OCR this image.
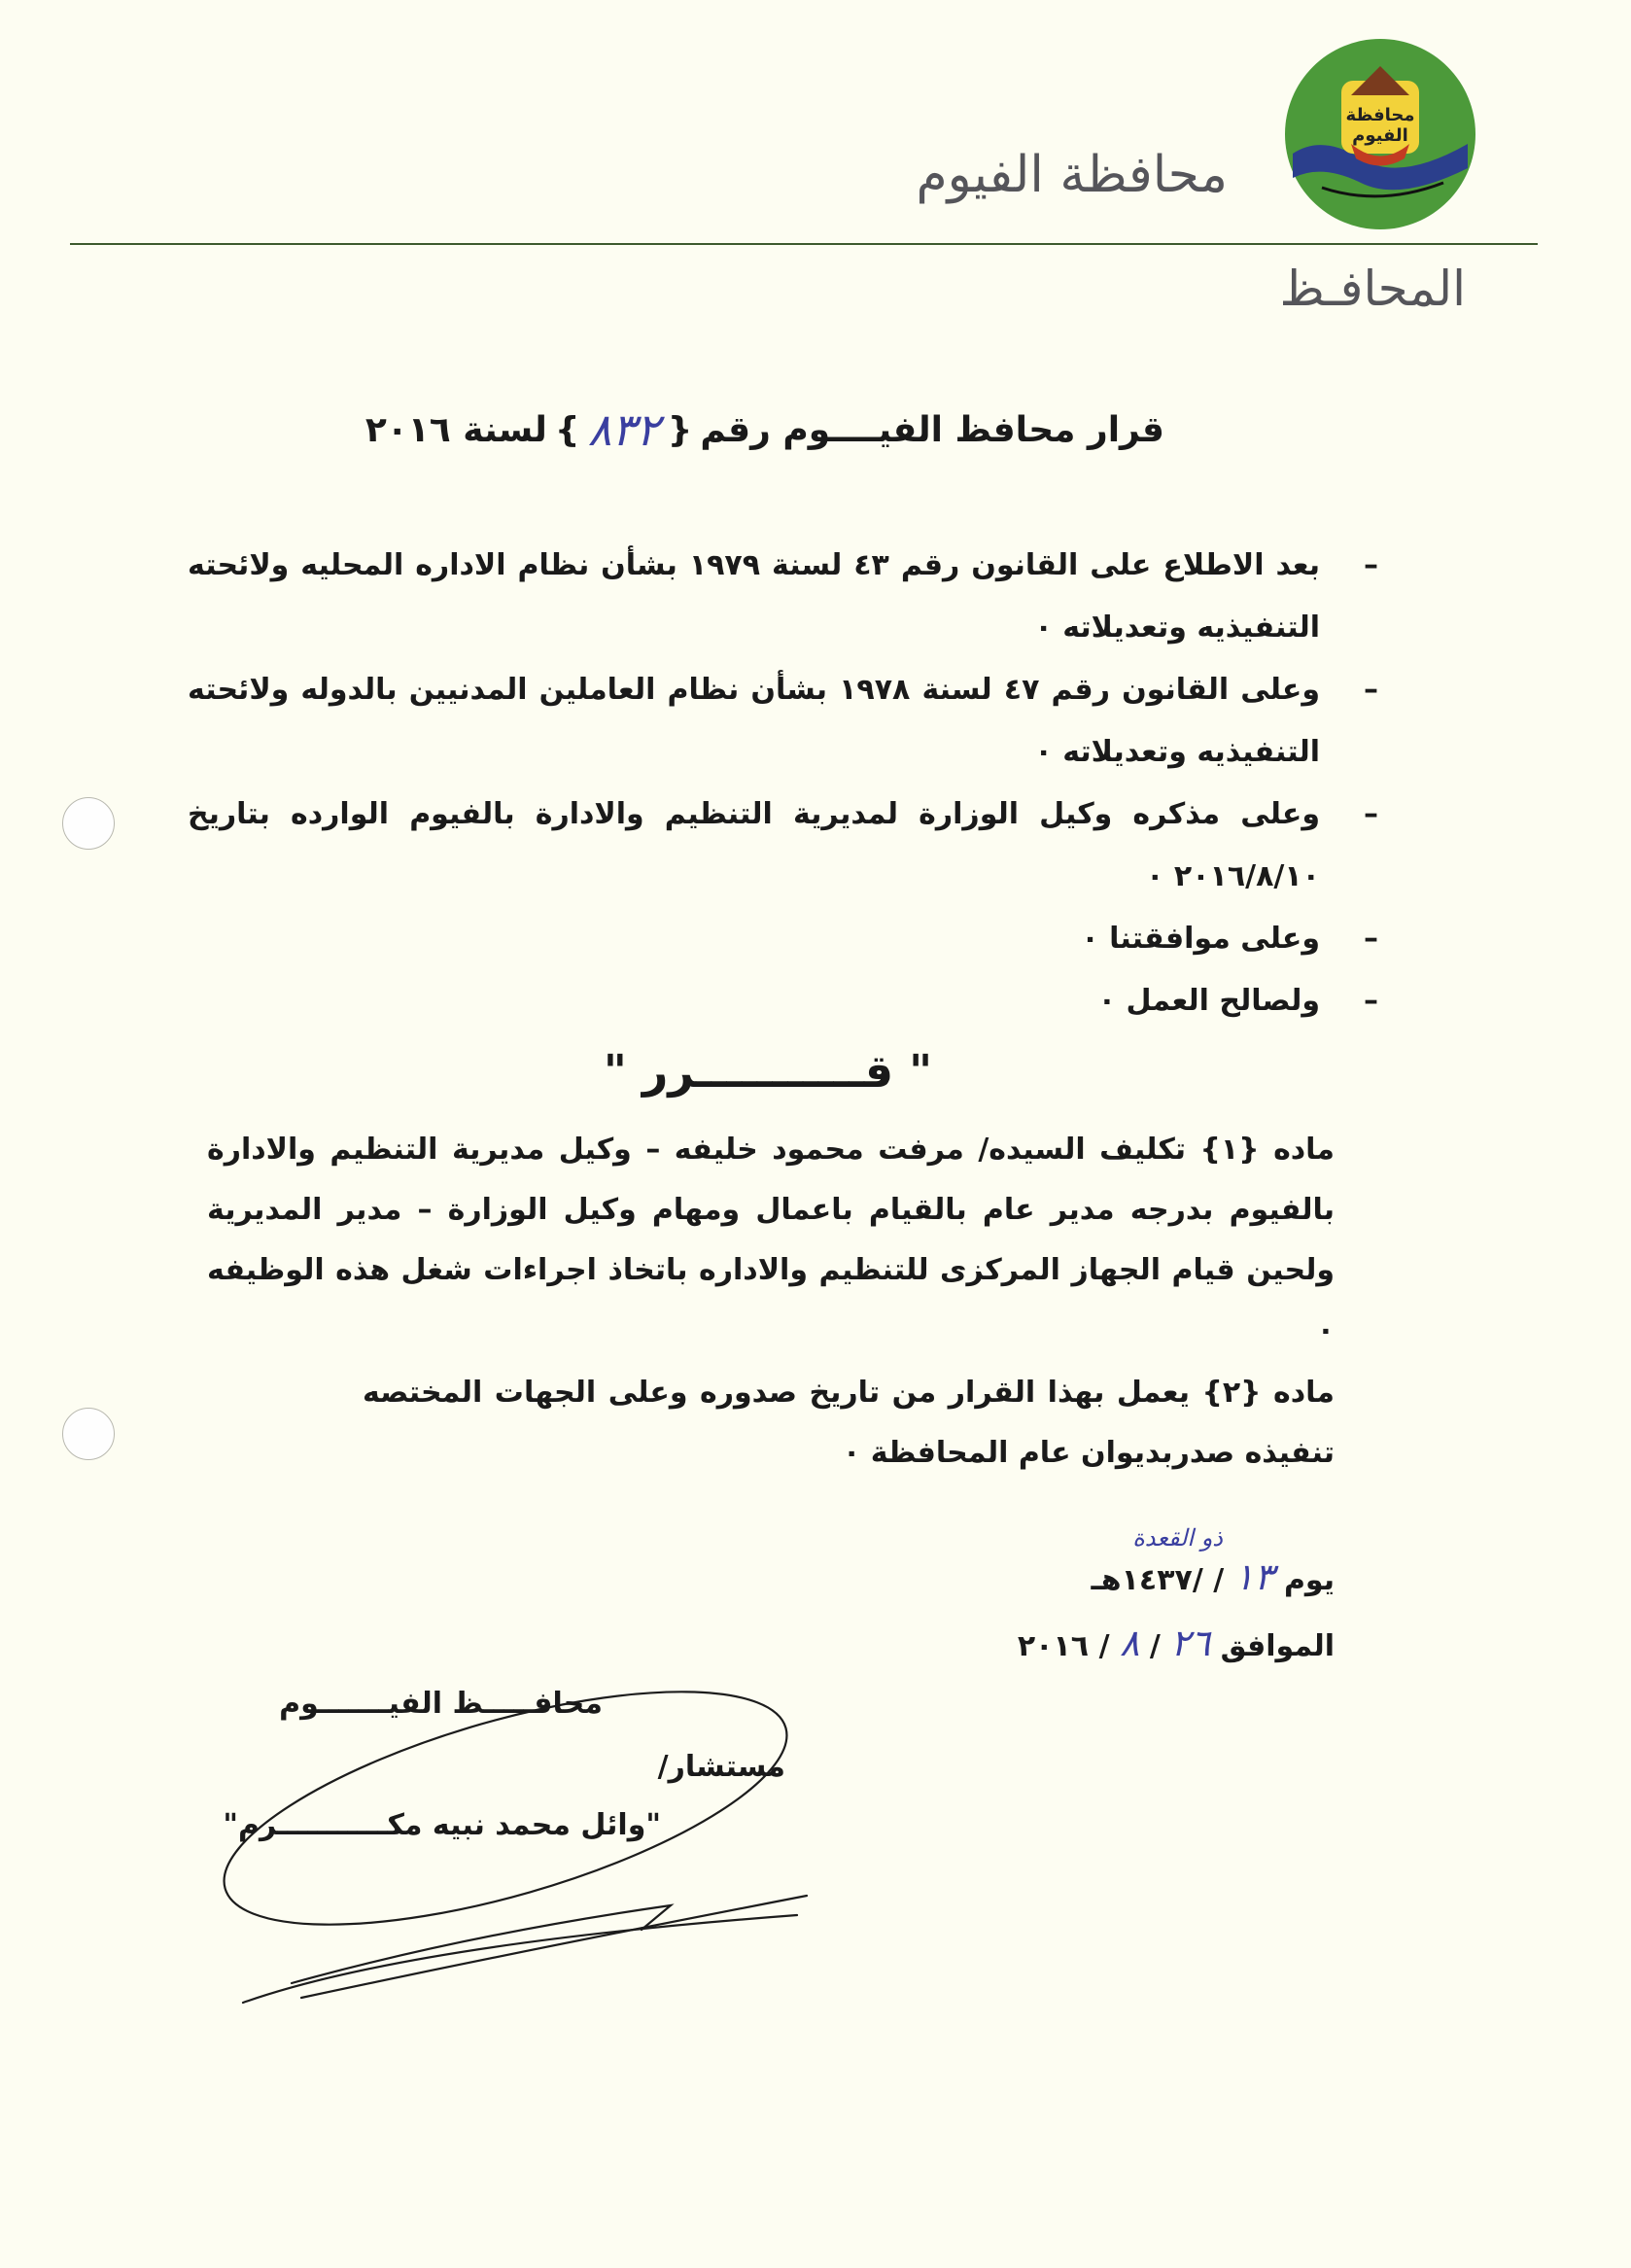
محافظة الفيوم
محافظة الفيوم
المحافـظ
قرار محافظ الفيــــوم رقم
{
٨٣٢
}
لسنة ٢٠١٦
–
بعد الاطلاع على القانون رقم ٤٣ لسنة ١٩٧٩ بشأن نظام الاداره المحليه ولائحته التنفيذيه وتعديلاته ٠
–
وعلى القانون رقم ٤٧ لسنة ١٩٧٨ بشأن نظام العاملين المدنيين بالدوله ولائحته التنفيذيه وتعديلاته ٠
–
وعلى مذكره وكيل الوزارة لمديرية التنظيم والادارة بالفيوم الوارده بتاريخ ٢٠١٦/٨/١٠ ٠
–
وعلى موافقتنا ٠
–
ولصالح العمل ٠
" قـــــــــــرر "
ماده {١} تكليف السيده/ مرفت محمود خليفه – وكيل مديرية التنظيم والادارة بالفيوم بدرجه مدير عام بالقيام باعمال ومهام وكيل الوزارة – مدير المديرية ولحين قيام الجهاز المركزى للتنظيم والاداره باتخاذ اجراءات شغل هذه الوظيفه ٠
ماده {٢} يعمل بهذا القرار من تاريخ صدوره وعلى الجهات المختصه تنفيذه صدربديوان عام المحافظة ٠
ذو القعدة
يوم ١٣ / /١٤٣٧هـ
الموافق ٢٦ / ٨ / ٢٠١٦
محافـــــظ الفيـــــــوم
مستشار/
"وائل محمد نبيه مكـــــــــــرم"
